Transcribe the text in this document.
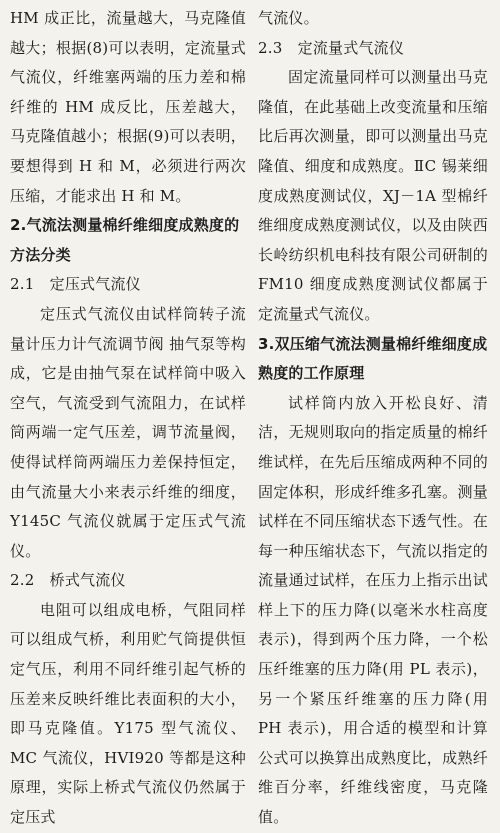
HM 成正比，流量越大，马克隆值越大；根据(8)可以表明，定流量式气流仪，纤维塞两端的压力差和棉纤维的 HM 成反比，压差越大，马克隆值越小；根据(9)可以表明，要想得到 H 和 M，必须进行两次压缩，才能求出 H 和 M。

2.气流法测量棉纤维细度成熟度的方法分类
2.1　定压式气流仪

定压式气流仪由试样筒转子流量计压力计气流调节阀 抽气泵等构成，它是由抽气泵在试样筒中吸入空气，气流受到气流阻力，在试样筒两端一定气压差，调节流量阀，使得试样筒两端压力差保持恒定，由气流量大小来表示纤维的细度，Y145C 气流仪就属于定压式气流仪。

2.2　桥式气流仪

电阻可以组成电桥，气阻同样可以组成气桥，利用贮气筒提供恒定气压，利用不同纤维引起气桥的压差来反映纤维比表面积的大小，即马克隆值。Y175 型气流仪、MC 气流仪，HVI920 等都是这种原理，实际上桥式气流仪仍然属于定压式

气流仪。

2.3　定流量式气流仪

固定流量同样可以测量出马克隆值，在此基础上改变流量和压缩比后再次测量，即可以测量出马克隆值、细度和成熟度。ⅡC 锡莱细度成熟度测试仪，XJ－1A 型棉纤维细度成熟度测试仪，以及由陕西长岭纺织机电科技有限公司研制的 FM10 细度成熟度测试仪都属于定流量式气流仪。

3.双压缩气流法测量棉纤维细度成熟度的工作原理

试样筒内放入开松良好、清洁，无规则取向的指定质量的棉纤维试样，在先后压缩成两种不同的固定体积，形成纤维多孔塞。测量试样在不同压缩状态下透气性。在每一种压缩状态下，气流以指定的流量通过试样，在压力上指示出试样上下的压力降(以毫米水柱高度表示)，得到两个压力降，一个松压纤维塞的压力降(用 PL 表示)，另一个紧压纤维塞的压力降(用 PH 表示)，用合适的模型和计算公式可以换算出成熟度比，成熟纤维百分率，纤维线密度，马克隆值。
